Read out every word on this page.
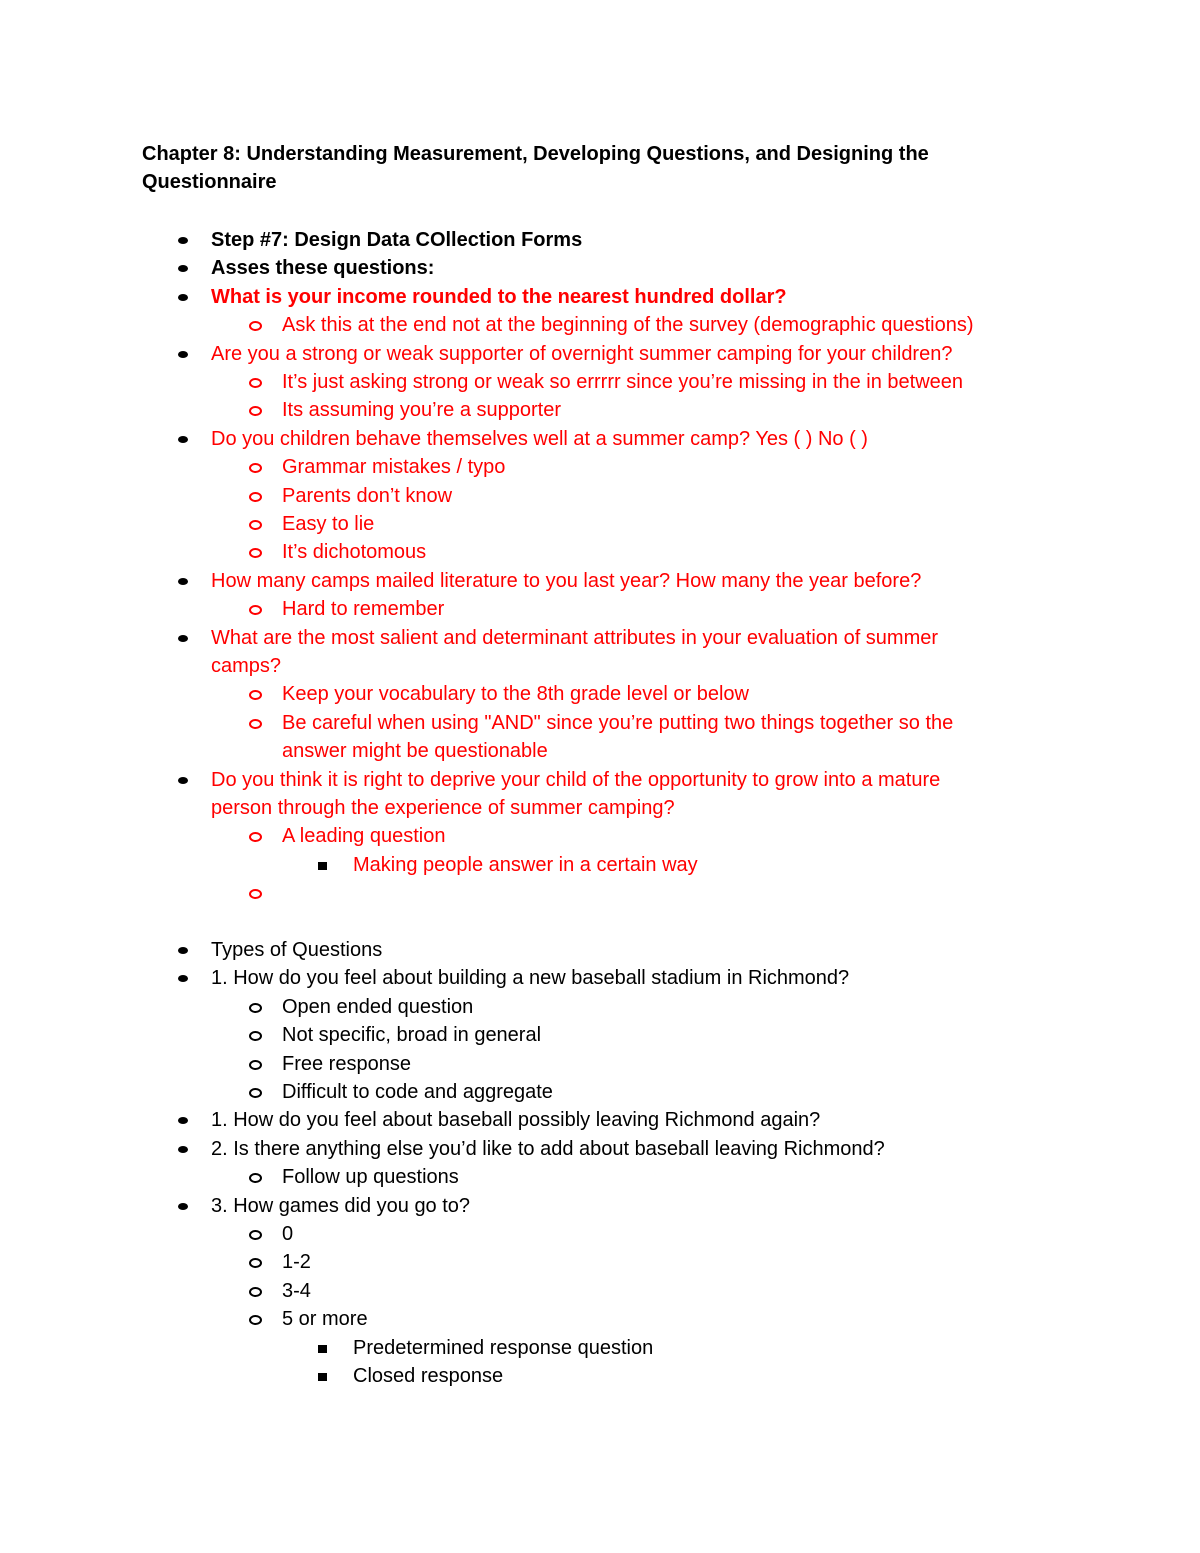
Chapter 8: Understanding Measurement, Developing Questions, and Designing the Questionnaire
Step #7: Design Data COllection Forms
Asses these questions:
What is your income rounded to the nearest hundred dollar?
Ask this at the end not at the beginning of the survey (demographic questions)
Are you a strong or weak supporter of overnight summer camping for your children?
It’s just asking strong or weak so errrrr since you’re missing in the in between
Its assuming you’re a supporter
Do you children behave themselves well at a summer camp? Yes ( ) No ( )
Grammar mistakes / typo
Parents don’t know
Easy to lie
It’s dichotomous
How many camps mailed literature to you last year? How many the year before?
Hard to remember
What are the most salient and determinant attributes in your evaluation of summer
camps?
Keep your vocabulary to the 8th grade level or below
Be careful when using "AND" since you’re putting two things together so the
answer might be questionable
Do you think it is right to deprive your child of the opportunity to grow into a mature
person through the experience of summer camping?
A leading question
Making people answer in a certain way
Types of Questions
1. How do you feel about building a new baseball stadium in Richmond?
Open ended question
Not specific, broad in general
Free response
Difficult to code and aggregate
1. How do you feel about baseball possibly leaving Richmond again?
2. Is there anything else you’d like to add about baseball leaving Richmond?
Follow up questions
3. How games did you go to?
0
1-2
3-4
5 or more
Predetermined response question
Closed response
